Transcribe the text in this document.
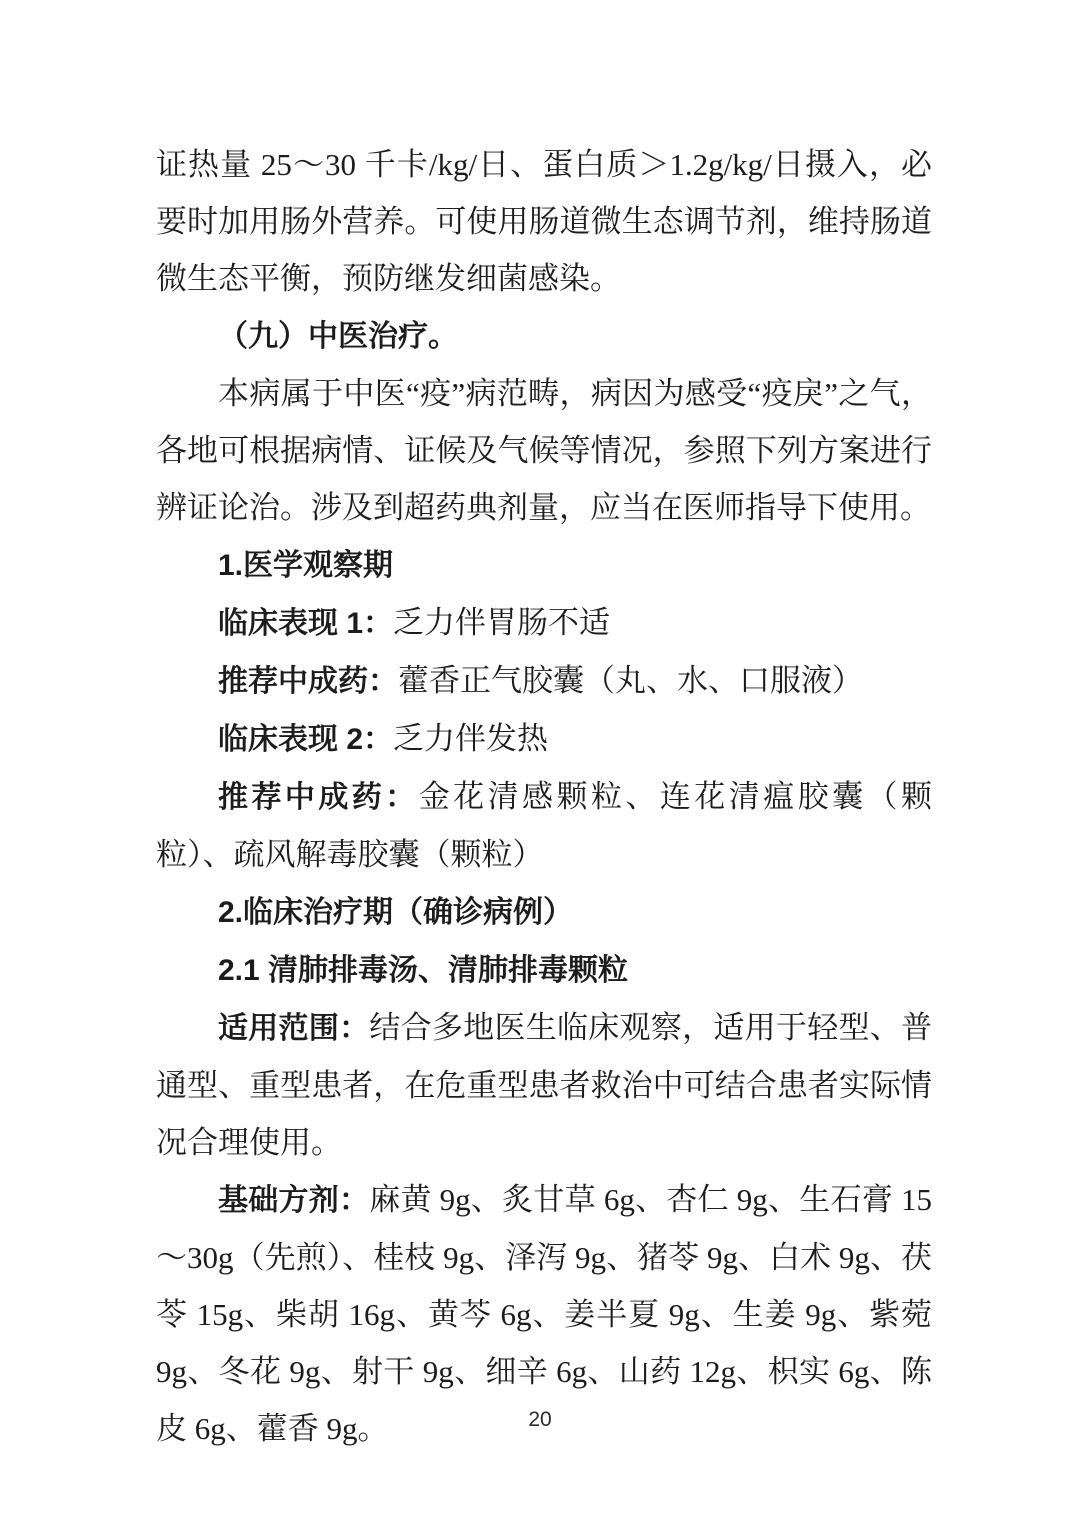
证热量 25～30 千卡/kg/日、蛋白质＞1.2g/kg/日摄入，必要时加用肠外营养。可使用肠道微生态调节剂，维持肠道微生态平衡，预防继发细菌感染。

（九）中医治疗。

本病属于中医“疫”病范畴，病因为感受“疫戾”之气，各地可根据病情、证候及气候等情况，参照下列方案进行辨证论治。涉及到超药典剂量，应当在医师指导下使用。

1.医学观察期

临床表现 1：乏力伴胃肠不适

推荐中成药：藿香正气胶囊（丸、水、口服液）

临床表现 2：乏力伴发热

推荐中成药：金花清感颗粒、连花清瘟胶囊（颗粒）、疏风解毒胶囊（颗粒）

2.临床治疗期（确诊病例）

2.1 清肺排毒汤、清肺排毒颗粒

适用范围：结合多地医生临床观察，适用于轻型、普通型、重型患者，在危重型患者救治中可结合患者实际情况合理使用。

基础方剂：麻黄 9g、炙甘草 6g、杏仁 9g、生石膏 15～30g（先煎）、桂枝 9g、泽泻 9g、猪苓 9g、白术 9g、茯苓 15g、柴胡 16g、黄芩 6g、姜半夏 9g、生姜 9g、紫菀 9g、冬花 9g、射干 9g、细辛 6g、山药 12g、枳实 6g、陈皮 6g、藿香 9g。	20
